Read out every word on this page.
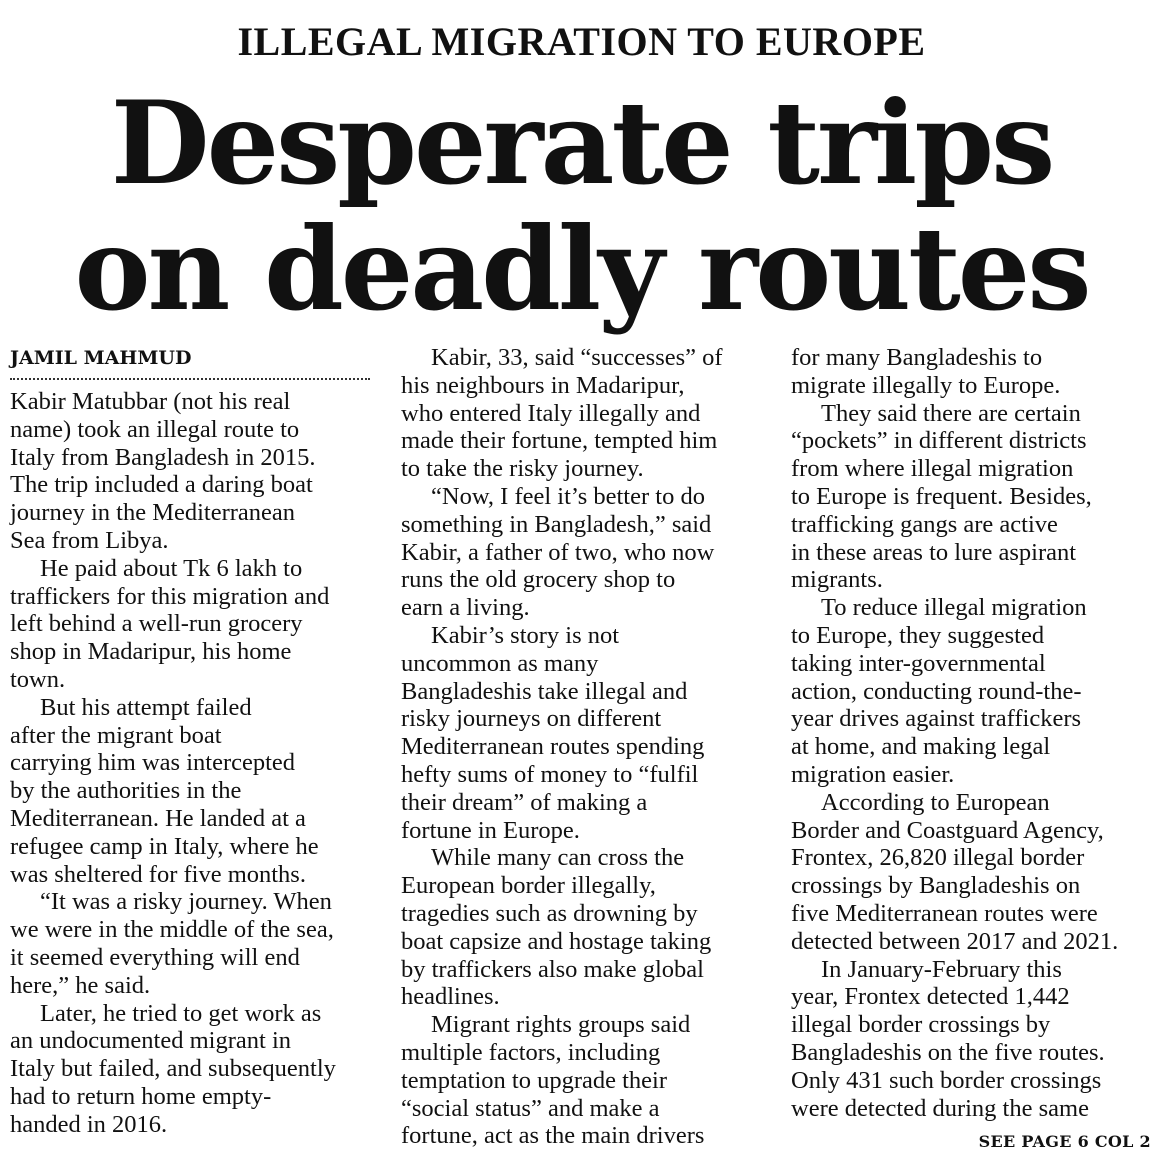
ILLEGAL MIGRATION TO EUROPE
Desperate trips
on deadly routes
JAMIL MAHMUD
Kabir Matubbar (not his real
name) took an illegal route to
Italy from Bangladesh in 2015.
The trip included a daring boat
journey in the Mediterranean
Sea from Libya.
He paid about Tk 6 lakh to
traffickers for this migration and
left behind a well-run grocery
shop in Madaripur, his home
town.
But his attempt failed
after the migrant boat
carrying him was intercepted
by the authorities in the
Mediterranean. He landed at a
refugee camp in Italy, where he
was sheltered for five months.
“It was a risky journey. When
we were in the middle of the sea,
it seemed everything will end
here,” he said.
Later, he tried to get work as
an undocumented migrant in
Italy but failed, and subsequently
had to return home empty-
handed in 2016.
Kabir, 33, said “successes” of
his neighbours in Madaripur,
who entered Italy illegally and
made their fortune, tempted him
to take the risky journey.
“Now, I feel it’s better to do
something in Bangladesh,” said
Kabir, a father of two, who now
runs the old grocery shop to
earn a living.
Kabir’s story is not
uncommon as many
Bangladeshis take illegal and
risky journeys on different
Mediterranean routes spending
hefty sums of money to “fulfil
their dream” of making a
fortune in Europe.
While many can cross the
European border illegally,
tragedies such as drowning by
boat capsize and hostage taking
by traffickers also make global
headlines.
Migrant rights groups said
multiple factors, including
temptation to upgrade their
“social status” and make a
fortune, act as the main drivers
for many Bangladeshis to
migrate illegally to Europe.
They said there are certain
“pockets” in different districts
from where illegal migration
to Europe is frequent. Besides,
trafficking gangs are active
in these areas to lure aspirant
migrants.
To reduce illegal migration
to Europe, they suggested
taking inter-governmental
action, conducting round-the-
year drives against traffickers
at home, and making legal
migration easier.
According to European
Border and Coastguard Agency,
Frontex, 26,820 illegal border
crossings by Bangladeshis on
five Mediterranean routes were
detected between 2017 and 2021.
In January-February this
year, Frontex detected 1,442
illegal border crossings by
Bangladeshis on the five routes.
Only 431 such border crossings
were detected during the same
SEE PAGE 6 COL 2
